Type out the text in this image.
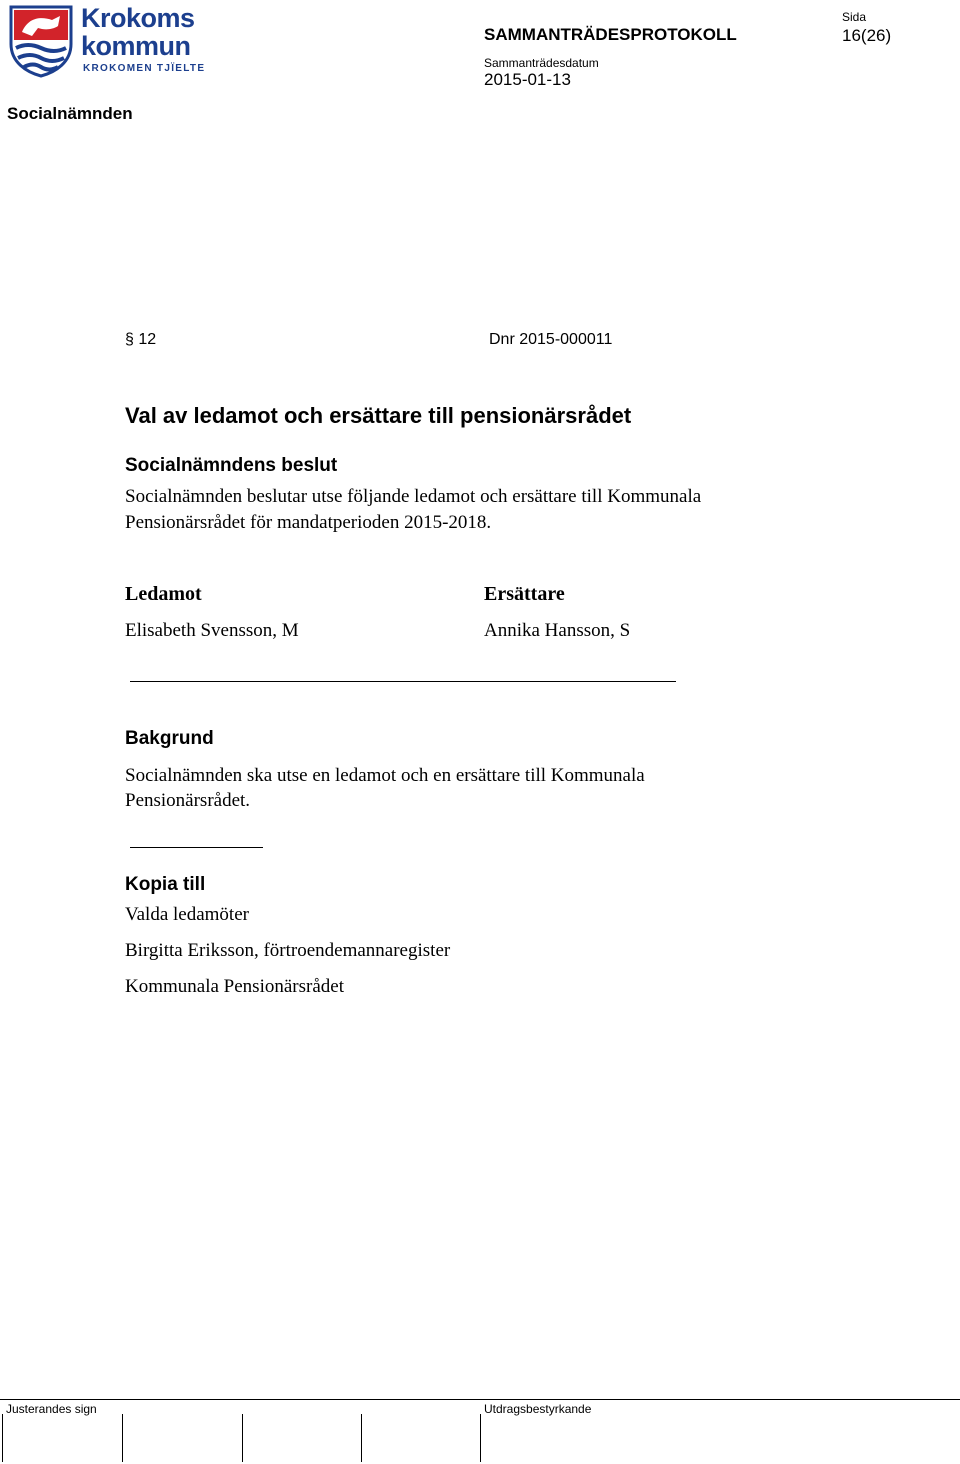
Krokoms
kommun
KROKOMEN TJÏELTE
Socialnämnden
SAMMANTRÄDESPROTOKOLL
Sammanträdesdatum
2015-01-13
Sida
16(26)
§ 12	Dnr 2015-000011
Val av ledamot och ersättare till pensionärsrådet
Socialnämndens beslut
Socialnämnden beslutar utse följande ledamot och ersättare till Kommunala
Pensionärsrådet för mandatperioden 2015-2018.
Ledamot	Ersättare
Elisabeth Svensson, M	Annika Hansson, S
Bakgrund
Socialnämnden ska utse en ledamot och en ersättare till Kommunala
Pensionärsrådet.
Kopia till
Valda ledamöter
Birgitta Eriksson, förtroendemannaregister
Kommunala Pensionärsrådet
Justerandes sign	Utdragsbestyrkande
